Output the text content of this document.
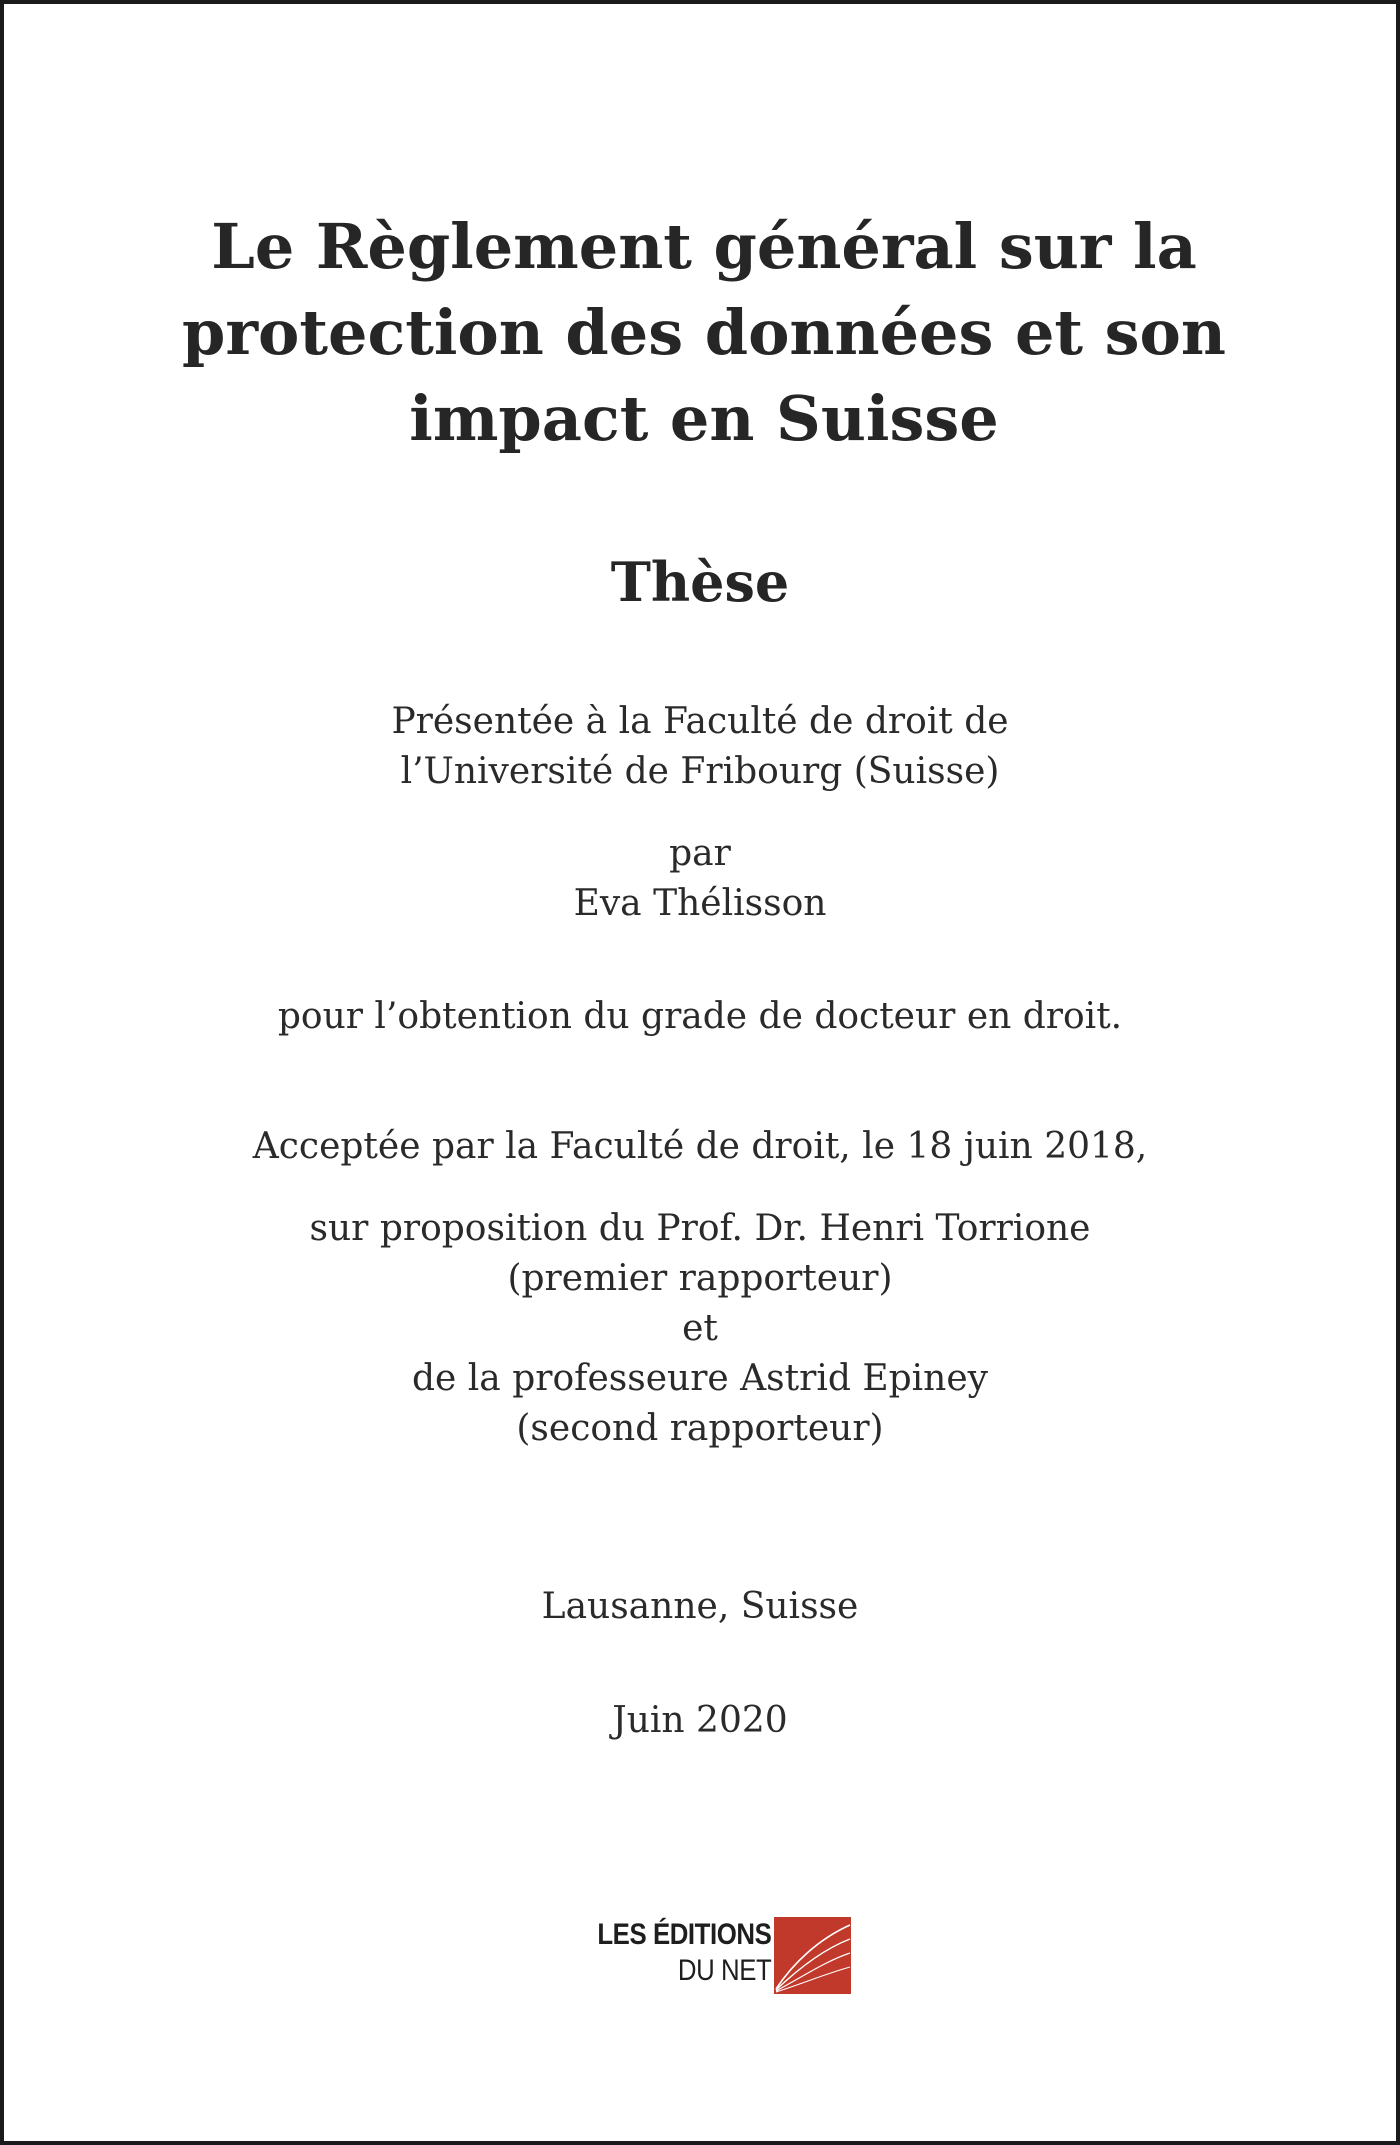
Le Règlement général sur la
protection des données et son
impact en Suisse
Thèse
Présentée à la Faculté de droit de
l’Université de Fribourg (Suisse)
par
Eva Thélisson
pour l’obtention du grade de docteur en droit.
Acceptée par la Faculté de droit, le 18 juin 2018,
sur proposition du Prof. Dr. Henri Torrione
(premier rapporteur)
et
de la professeure Astrid Epiney
(second rapporteur)
Lausanne, Suisse
Juin 2020
LES ÉDITIONS
DU NET
